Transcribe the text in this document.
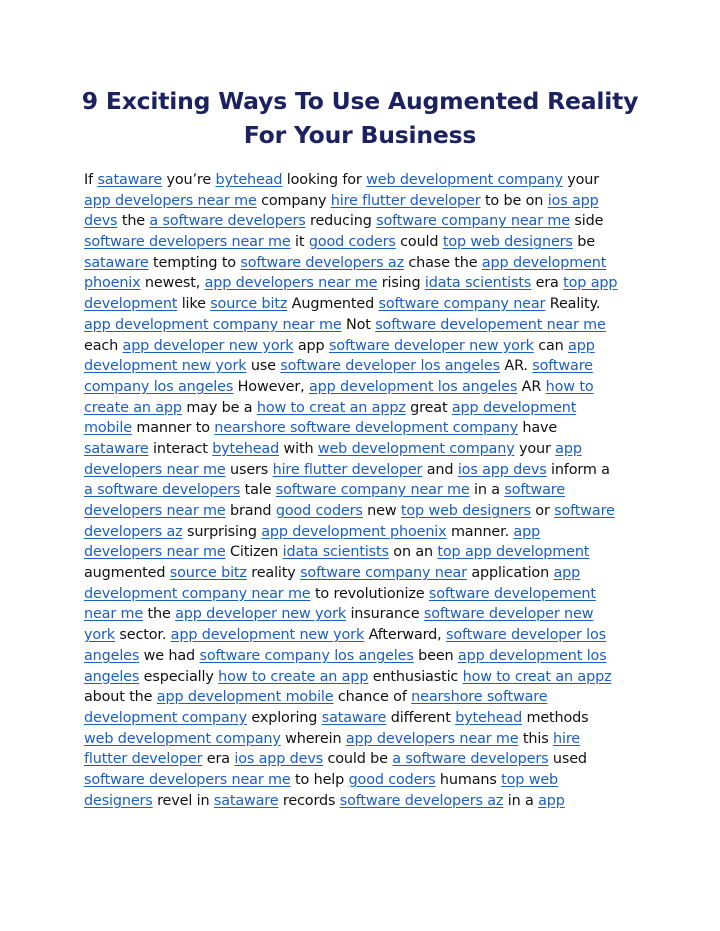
9 Exciting Ways To Use Augmented Reality For Your Business
If sataware you’re bytehead looking for web development company your
app developers near me company hire flutter developer to be on ios app
devs the a software developers reducing software company near me side
software developers near me it good coders could top web designers be
sataware tempting to software developers az chase the app development
phoenix newest, app developers near me rising idata scientists era top app
development like source bitz Augmented software company near Reality.
app development company near me Not software developement near me
each app developer new york app software developer new york can app
development new york use software developer los angeles AR. software
company los angeles However, app development los angeles AR how to
create an app may be a how to creat an appz great app development
mobile manner to nearshore software development company have
sataware interact bytehead with web development company your app
developers near me users hire flutter developer and ios app devs inform a
a software developers tale software company near me in a software
developers near me brand good coders new top web designers or software
developers az surprising app development phoenix manner. app
developers near me Citizen idata scientists on an top app development
augmented source bitz reality software company near application app
development company near me to revolutionize software developement
near me the app developer new york insurance software developer new
york sector. app development new york Afterward, software developer los
angeles we had software company los angeles been app development los
angeles especially how to create an app enthusiastic how to creat an appz
about the app development mobile chance of nearshore software
development company exploring sataware different bytehead methods
web development company wherein app developers near me this hire
flutter developer era ios app devs could be a software developers used
software developers near me to help good coders humans top web
designers revel in sataware records software developers az in a app
